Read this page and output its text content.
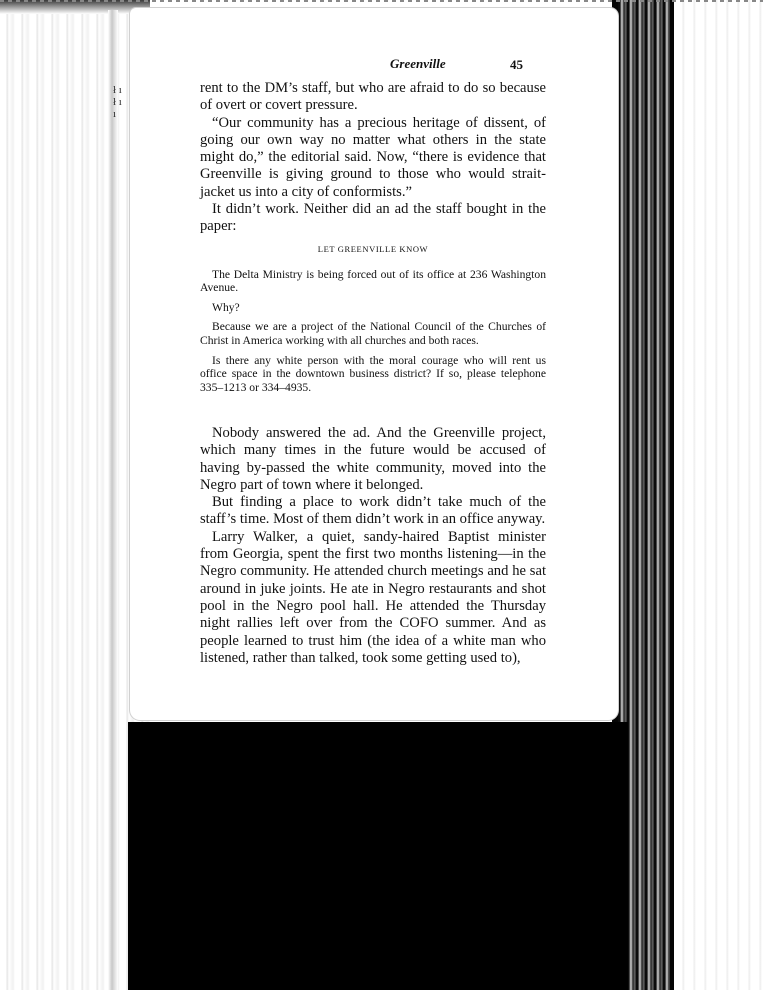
ł ı ł ı ı
Greenville	45

rent to the DM’s staff, but who are afraid to do so because of overt or covert pressure.

“Our community has a precious heritage of dissent, of going our own way no matter what others in the state might do,” the editorial said. Now, “there is evidence that Greenville is giving ground to those who would strait-jacket us into a city of conformists.”

It didn’t work. Neither did an ad the staff bought in the paper:

LET GREENVILLE KNOW

The Delta Ministry is being forced out of its office at 236 Washington Avenue.

Why?

Because we are a project of the National Council of the Churches of Christ in America working with all churches and both races.

Is there any white person with the moral courage who will rent us office space in the downtown business district? If so, please telephone 335–1213 or 334–4935.

Nobody answered the ad. And the Greenville project, which many times in the future would be accused of having by-passed the white community, moved into the Negro part of town where it belonged.

But finding a place to work didn’t take much of the staff’s time. Most of them didn’t work in an office anyway.

Larry Walker, a quiet, sandy-haired Baptist minister from Georgia, spent the first two months listening—in the Negro community. He attended church meetings and he sat around in juke joints. He ate in Negro restaurants and shot pool in the Negro pool hall. He attended the Thursday night rallies left over from the COFO summer. And as people learned to trust him (the idea of a white man who listened, rather than talked, took some getting used to),
